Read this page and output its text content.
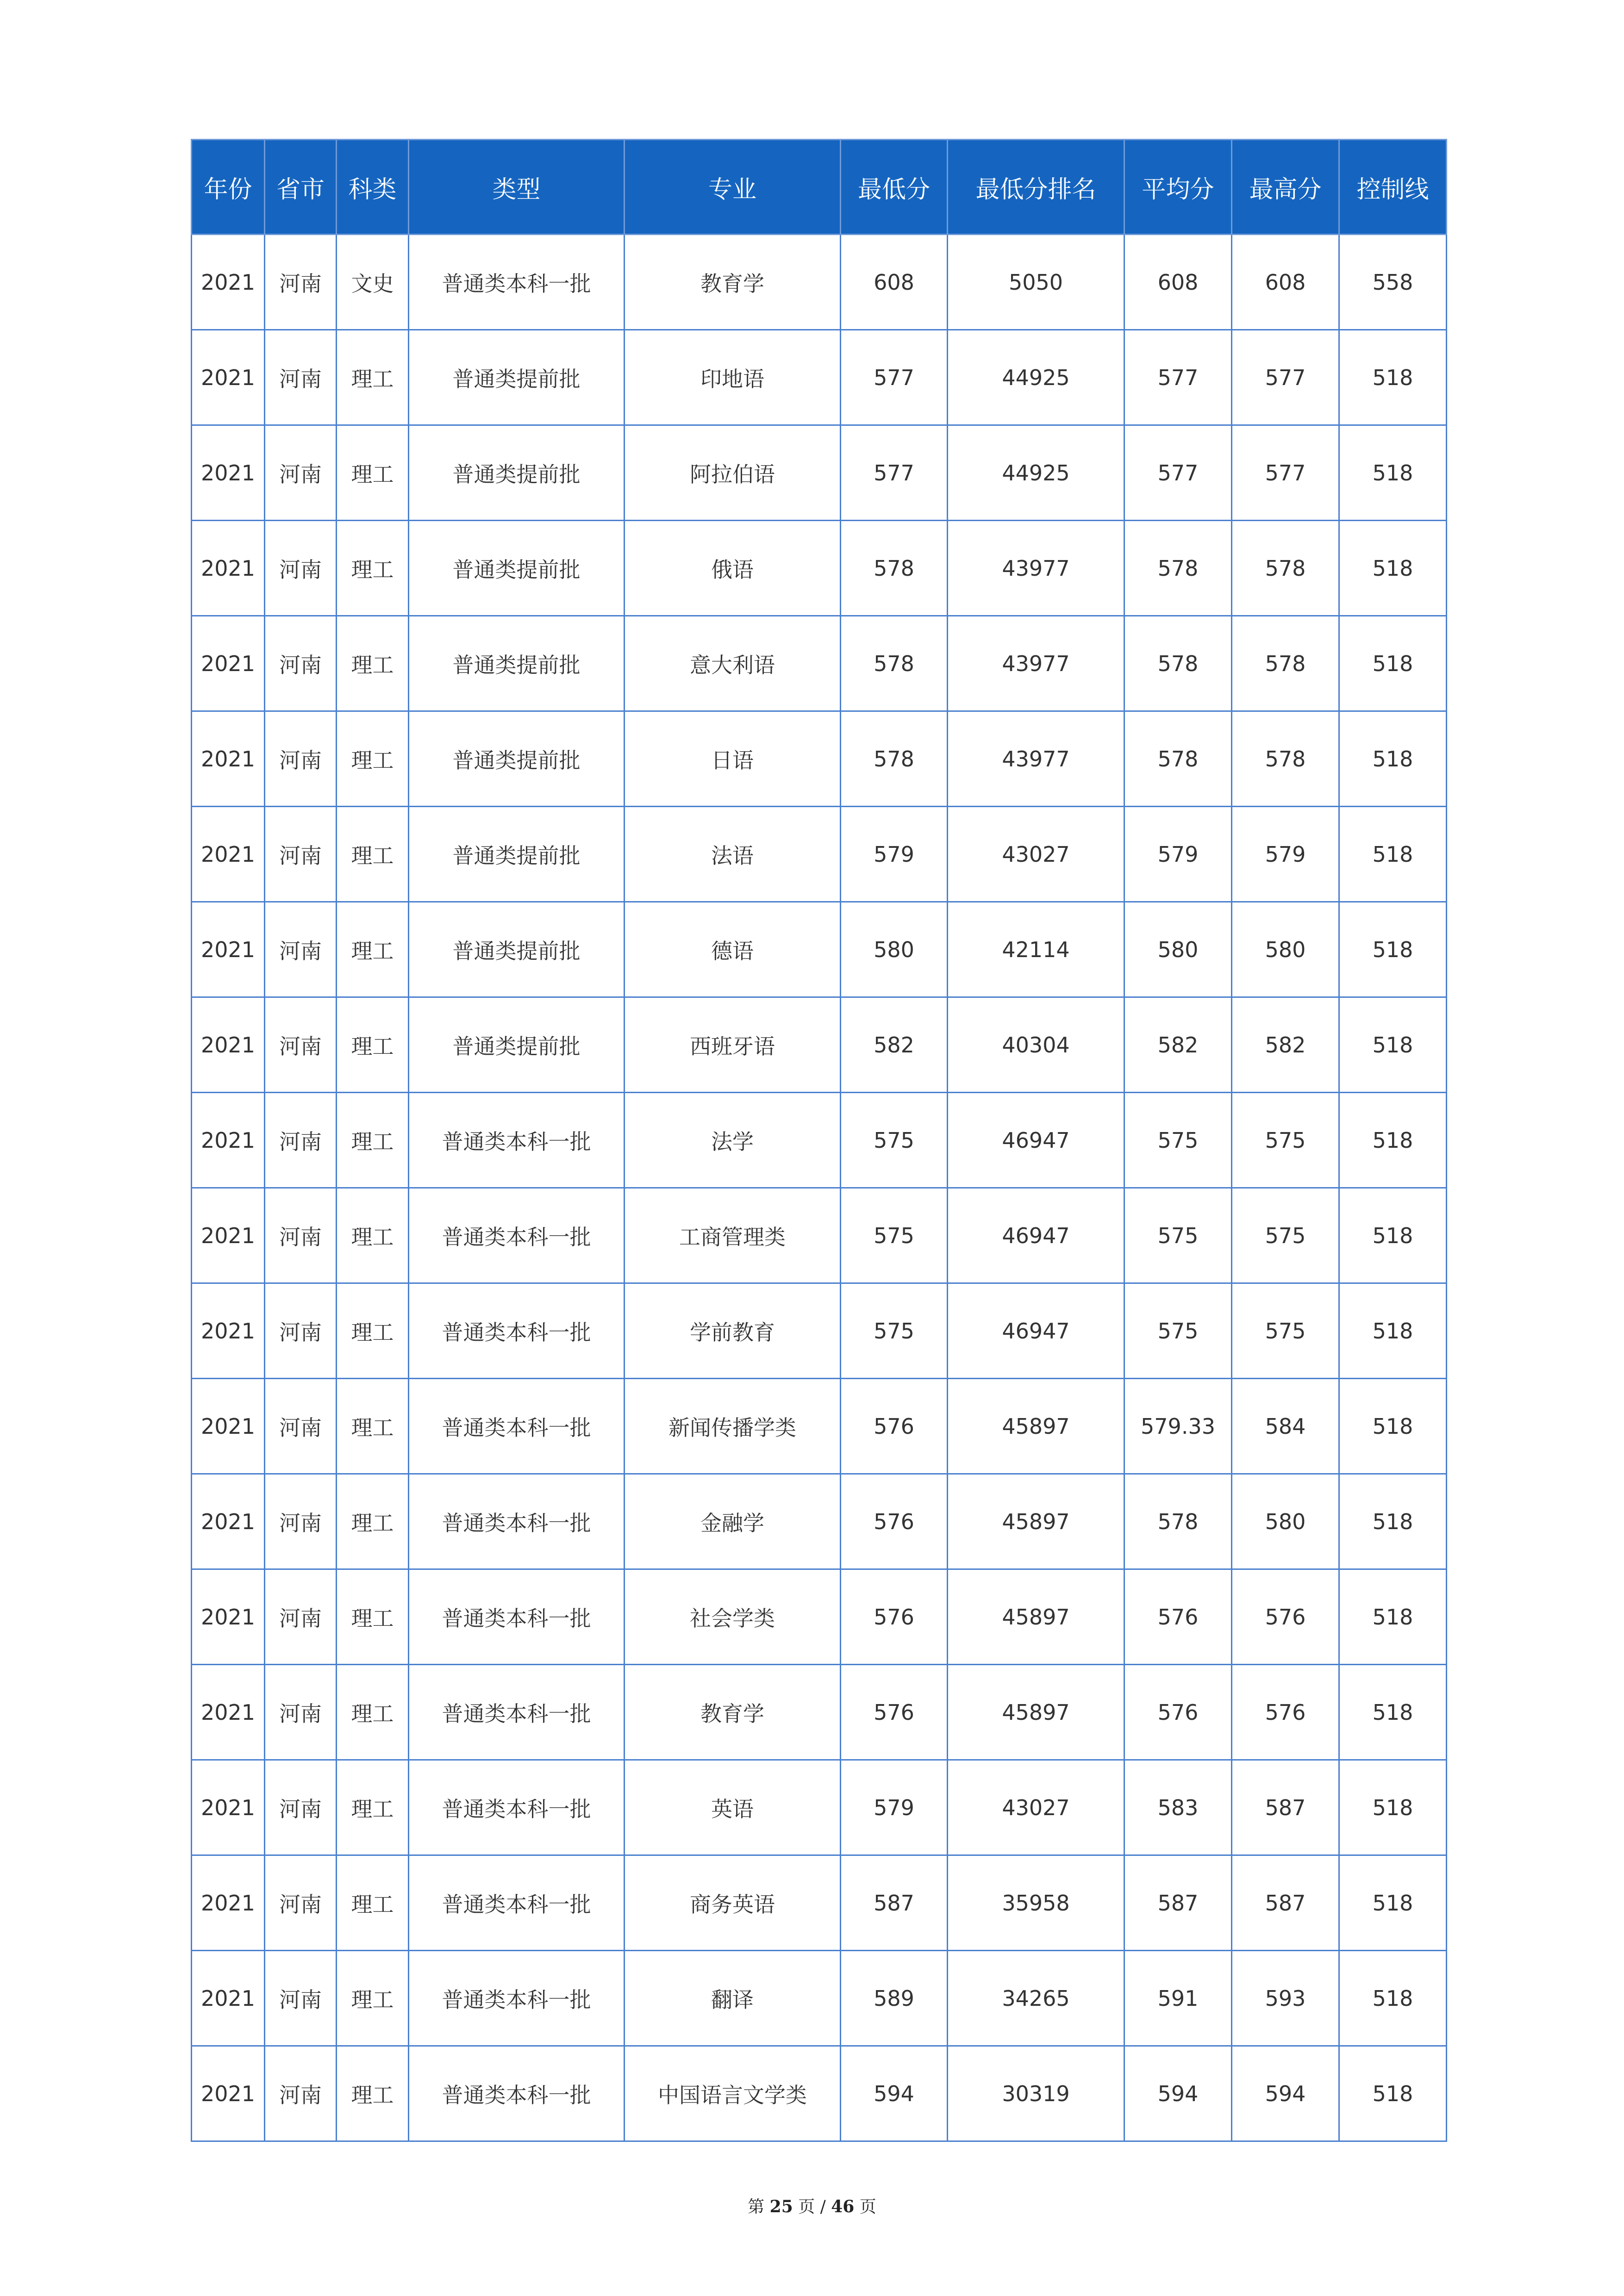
年份	省市	科类	类型	专业	最低分	最低分排名	平均分	最高分	控制线
2021	河南	文史	普通类本科一批	教育学	608	5050	608	608	558
2021	河南	理工	普通类提前批	印地语	577	44925	577	577	518
2021	河南	理工	普通类提前批	阿拉伯语	577	44925	577	577	518
2021	河南	理工	普通类提前批	俄语	578	43977	578	578	518
2021	河南	理工	普通类提前批	意大利语	578	43977	578	578	518
2021	河南	理工	普通类提前批	日语	578	43977	578	578	518
2021	河南	理工	普通类提前批	法语	579	43027	579	579	518
2021	河南	理工	普通类提前批	德语	580	42114	580	580	518
2021	河南	理工	普通类提前批	西班牙语	582	40304	582	582	518
2021	河南	理工	普通类本科一批	法学	575	46947	575	575	518
2021	河南	理工	普通类本科一批	工商管理类	575	46947	575	575	518
2021	河南	理工	普通类本科一批	学前教育	575	46947	575	575	518
2021	河南	理工	普通类本科一批	新闻传播学类	576	45897	579.33	584	518
2021	河南	理工	普通类本科一批	金融学	576	45897	578	580	518
2021	河南	理工	普通类本科一批	社会学类	576	45897	576	576	518
2021	河南	理工	普通类本科一批	教育学	576	45897	576	576	518
2021	河南	理工	普通类本科一批	英语	579	43027	583	587	518
2021	河南	理工	普通类本科一批	商务英语	587	35958	587	587	518
2021	河南	理工	普通类本科一批	翻译	589	34265	591	593	518
2021	河南	理工	普通类本科一批	中国语言文学类	594	30319	594	594	518
第 25 页 / 46 页
